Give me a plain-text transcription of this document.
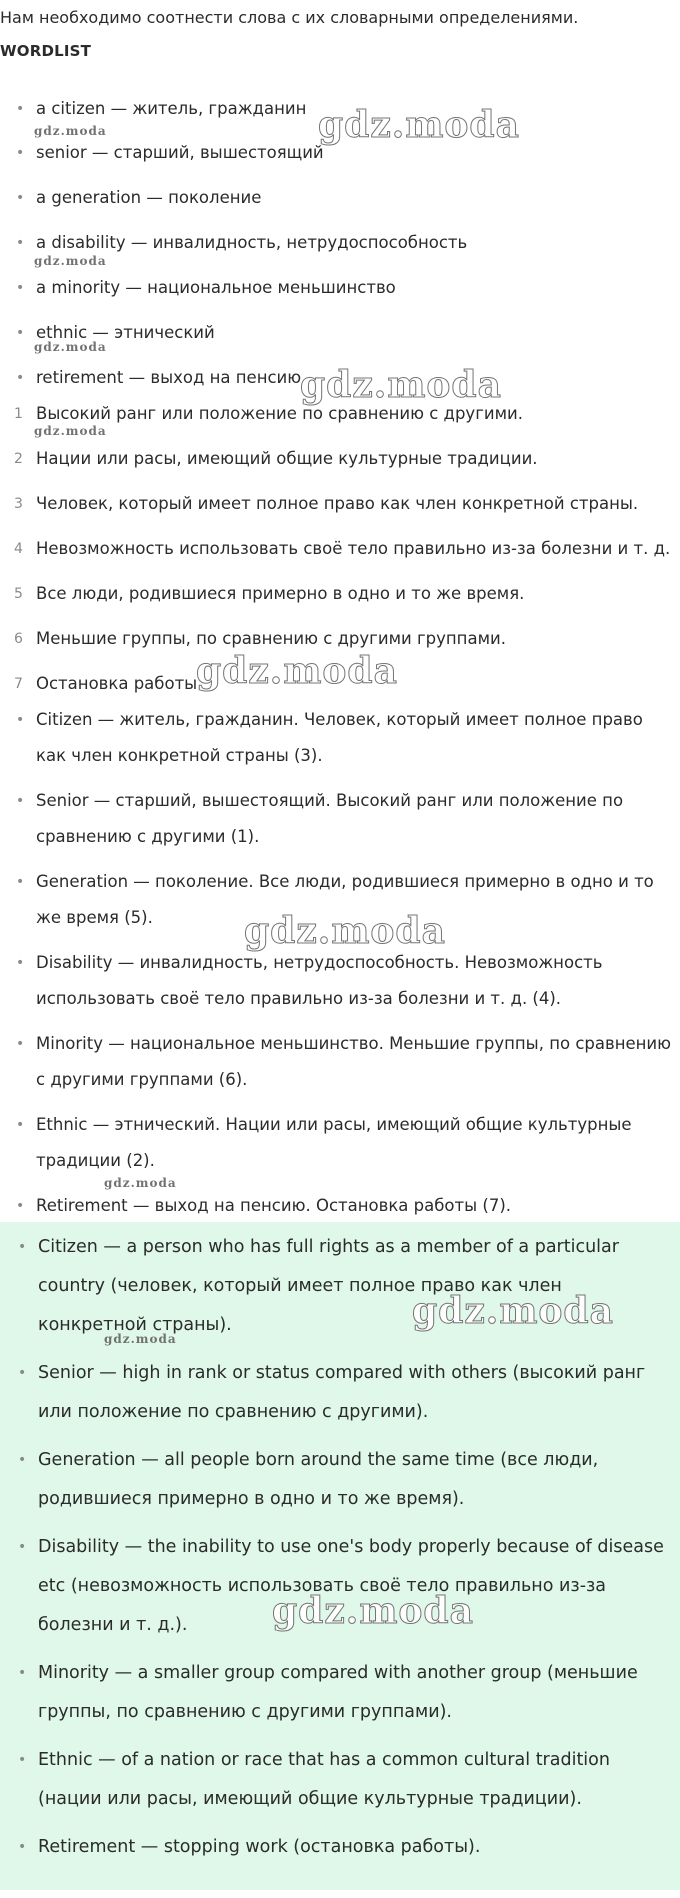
Нам необходимо соотнести слова с их словарными определениями.
WORDLIST
• a citizen — житель, гражданин
• senior — старший, вышестоящий
• a generation — поколение
• a disability — инвалидность, нетрудоспособность
• a minority — национальное меньшинство
• ethnic — этнический
• retirement — выход на пенсию
1 Высокий ранг или положение по сравнению с другими.
2 Нации или расы, имеющий общие культурные традиции.
3 Человек, который имеет полное право как член конкретной страны.
4 Невозможность использовать своё тело правильно из-за болезни и т. д.
5 Все люди, родившиеся примерно в одно и то же время.
6 Меньшие группы, по сравнению с другими группами.
7 Остановка работы.
• Citizen — житель, гражданин. Человек, который имеет полное право как член конкретной страны (3).
• Senior — старший, вышестоящий. Высокий ранг или положение по сравнению с другими (1).
• Generation — поколение. Все люди, родившиеся примерно в одно и то же время (5).
• Disability — инвалидность, нетрудоспособность. Невозможность использовать своё тело правильно из-за болезни и т. д. (4).
• Minority — национальное меньшинство. Меньшие группы, по сравнению с другими группами (6).
• Ethnic — этнический. Нации или расы, имеющий общие культурные традиции (2).
• Retirement — выход на пенсию. Остановка работы (7).
• Citizen — a person who has full rights as a member of a particular country (человек, который имеет полное право как член конкретной страны).
• Senior — high in rank or status compared with others (высокий ранг или положение по сравнению с другими).
• Generation — all people born around the same time (все люди, родившиеся примерно в одно и то же время).
• Disability — the inability to use one's body properly because of disease etc (невозможность использовать своё тело правильно из-за болезни и т. д.).
• Minority — a smaller group compared with another group (меньшие группы, по сравнению с другими группами).
• Ethnic — of a nation or race that has a common cultural tradition (нации или расы, имеющий общие культурные традиции).
• Retirement — stopping work (остановка работы).
gdz.moda
gdz.moda
gdz.moda
gdz.moda
gdz.moda
gdz.moda
gdz.moda
gdz.moda
gdz.moda
gdz.moda
gdz.moda
gdz.moda
